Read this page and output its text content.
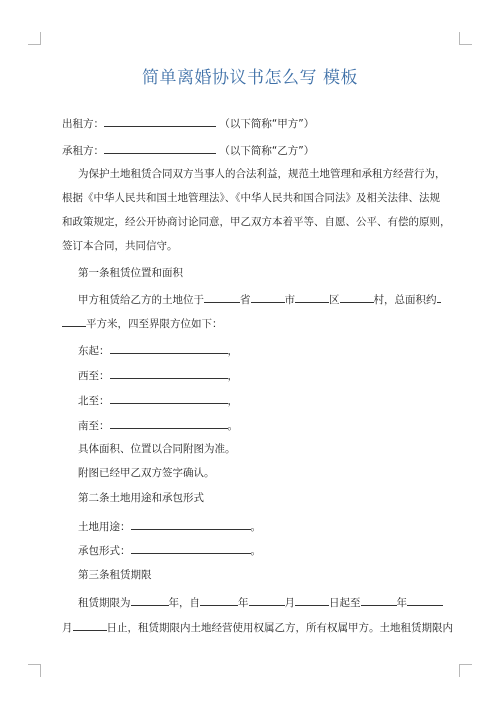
简单离婚协议书怎么写 模板
出租方：	（以下简称“甲方”）
承租方：	（以下简称“乙方”）
为保护土地租赁合同双方当事人的合法利益，规范土地管理和承租方经营行为，
根据《中华人民共和国土地管理法》、《中华人民共和国合同法》及相关法律、法规
和政策规定，经公开协商讨论同意，甲乙双方本着平等、自愿、公平、有偿的原则，
签订本合同，共同信守。
第一条租赁位置和面积
甲方租赁给乙方的土地位于	省	市	区	村，总面积约
平方米，四至界限方位如下：
东起：	，
西至：	，
北至：	，
南至：	。
具体面积、位置以合同附图为准。
附图已经甲乙双方签字确认。
第二条土地用途和承包形式
土地用途：	。
承包形式：	。
第三条租赁期限
租赁期限为	年，自	年	月	日起至	年
月	日止，租赁期限内土地经营使用权属乙方，所有权属甲方。土地租赁期限内
